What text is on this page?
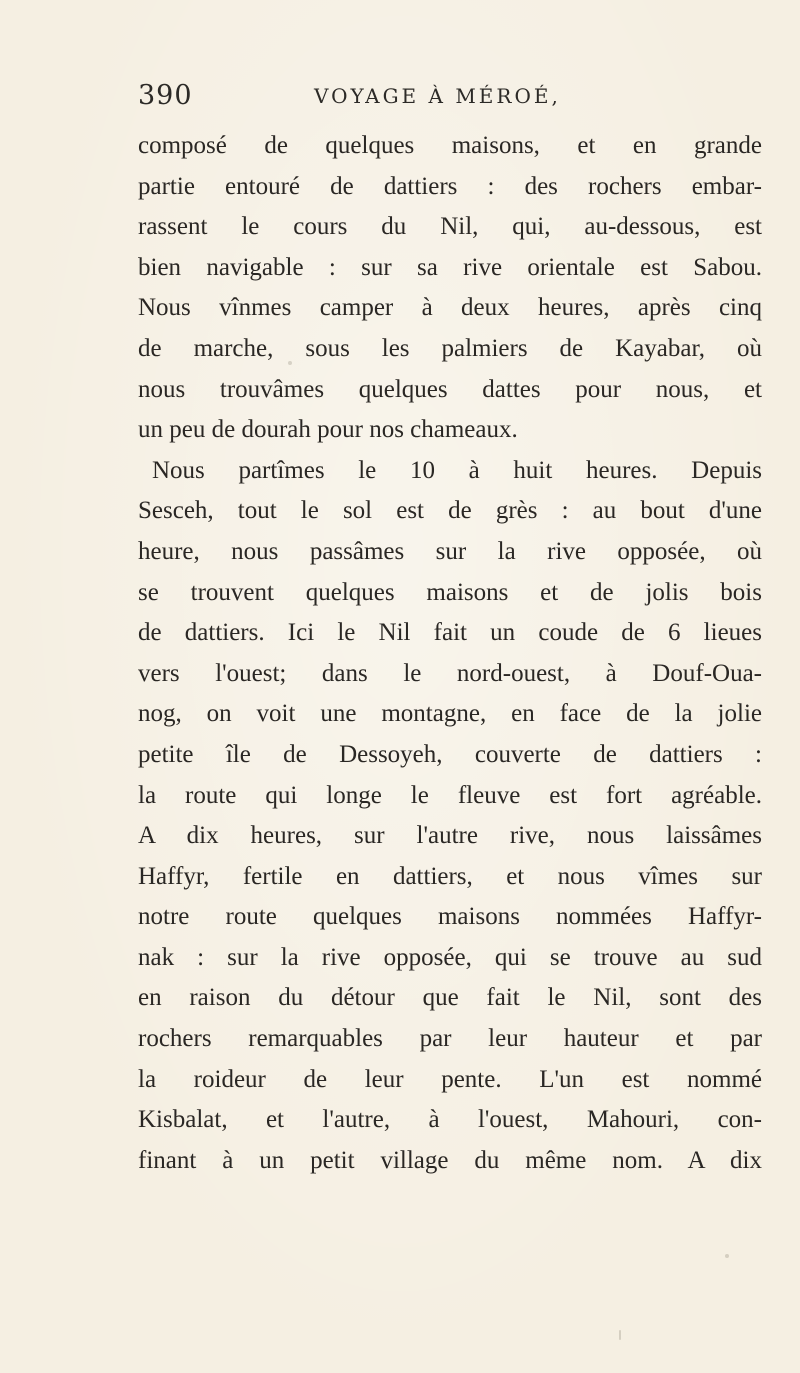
390	VOYAGE À MÉROÉ,
composé de quelques maisons, et en grande
partie entouré de dattiers : des rochers embar-
rassent le cours du Nil, qui, au-dessous, est
bien navigable : sur sa rive orientale est Sabou.
Nous vînmes camper à deux heures, après cinq
de marche, sous les palmiers de Kayabar, où
nous trouvâmes quelques dattes pour nous, et
un peu de dourah pour nos chameaux.
Nous partîmes le 10 à huit heures. Depuis
Sesceh, tout le sol est de grès : au bout d'une
heure, nous passâmes sur la rive opposée, où
se trouvent quelques maisons et de jolis bois
de dattiers. Ici le Nil fait un coude de 6 lieues
vers l'ouest; dans le nord-ouest, à Douf-Oua-
nog, on voit une montagne, en face de la jolie
petite île de Dessoyeh, couverte de dattiers :
la route qui longe le fleuve est fort agréable.
A dix heures, sur l'autre rive, nous laissâmes
Haffyr, fertile en dattiers, et nous vîmes sur
notre route quelques maisons nommées Haffyr-
nak : sur la rive opposée, qui se trouve au sud
en raison du détour que fait le Nil, sont des
rochers remarquables par leur hauteur et par
la roideur de leur pente. L'un est nommé
Kisbalat, et l'autre, à l'ouest, Mahouri, con-
finant à un petit village du même nom. A dix
